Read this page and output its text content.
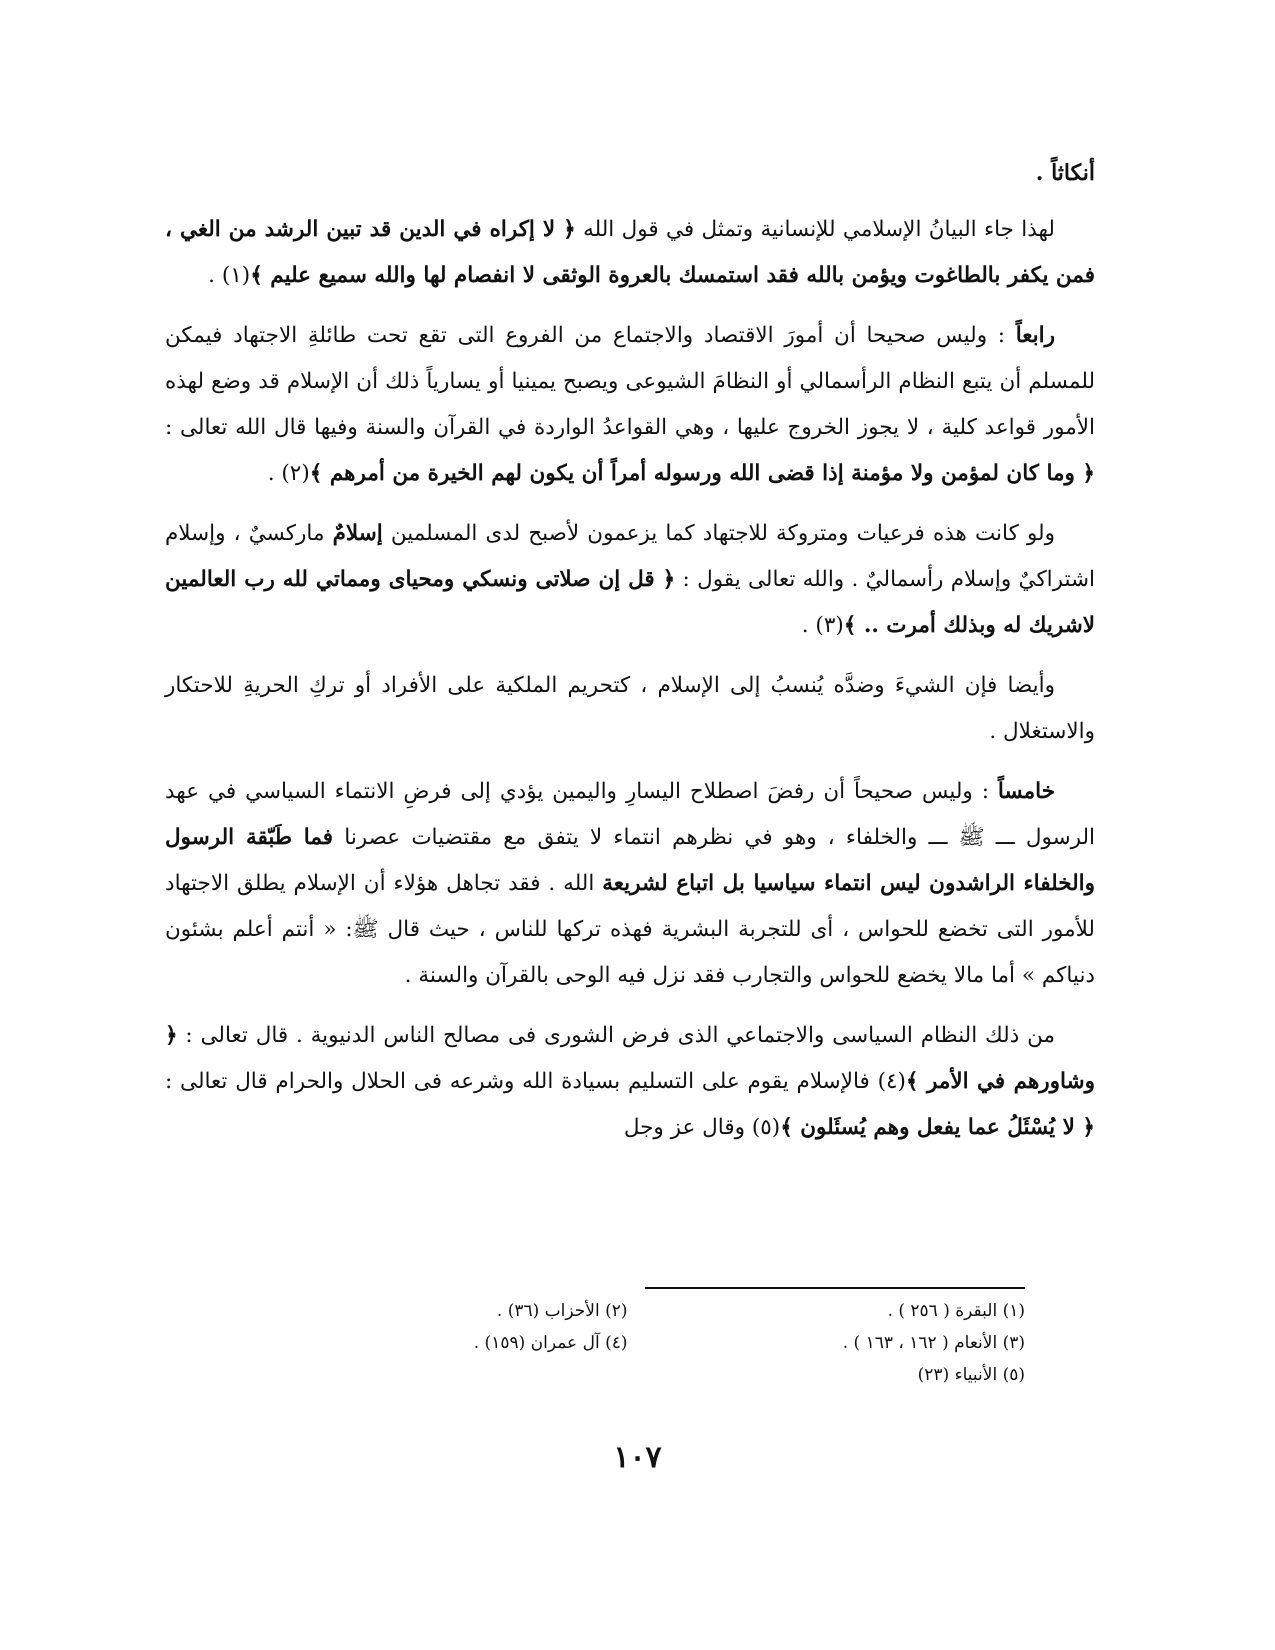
أنكاثاً .

لهذا جاء البيانُ الإسلامي للإنسانية وتمثل في قول الله ﴿ لا إكراه في الدين قد تبين الرشد من الغي ، فمن يكفر بالطاغوت ويؤمن بالله فقد استمسك بالعروة الوثقى لا انفصام لها والله سميع عليم ﴾(١) .

رابعاً : وليس صحيحا أن أمورَ الاقتصاد والاجتماع من الفروع التى تقع تحت طائلةِ الاجتهاد فيمكن للمسلم أن يتبع النظام الرأسمالي أو النظامَ الشيوعى ويصبح يمينيا أو يسارياً ذلك أن الإسلام قد وضع لهذه الأمور قواعد كلية ، لا يجوز الخروج عليها ، وهي القواعدُ الواردة في القرآن والسنة وفيها قال الله تعالى : ﴿ وما كان لمؤمن ولا مؤمنة إذا قضى الله ورسوله أمراً أن يكون لهم الخيرة من أمرهم ﴾(٢) .

ولو كانت هذه فرعيات ومتروكة للاجتهاد كما يزعمون لأصبح لدى المسلمين إسلامٌ ماركسيٌ ، وإسلام اشتراكيٌ وإسلام رأسماليٌ . والله تعالى يقول : ﴿ قل إن صلاتى ونسكي ومحياى ومماتي لله رب العالمين لاشريك له وبذلك أمرت .. ﴾(٣) .

وأيضا فإن الشيءَ وضدَّه يُنسبُ إلى الإسلام ، كتحريم الملكية على الأفراد أو تركِ الحريةِ للاحتكار والاستغلال .

خامساً : وليس صحيحاً أن رفضَ اصطلاح اليسارِ واليمين يؤدي إلى فرضِ الانتماء السياسي في عهد الرسول ـــ ﷺ ـــ والخلفاء ، وهو في نظرهم انتماء لا يتفق مع مقتضيات عصرنا فما طَبّقة الرسول والخلفاء الراشدون ليس انتماء سياسيا بل اتباع لشريعة الله . فقد تجاهل هؤلاء أن الإسلام يطلق الاجتهاد للأمور التى تخضع للحواس ، أى للتجربة البشرية فهذه تركها للناس ، حيث قال ﷺ: « أنتم أعلم بشئون دنياكم » أما مالا يخضع للحواس والتجارب فقد نزل فيه الوحى بالقرآن والسنة .

من ذلك النظام السياسى والاجتماعي الذى فرض الشورى فى مصالح الناس الدنيوية . قال تعالى : ﴿ وشاورهم في الأمر ﴾(٤) فالإسلام يقوم على التسليم بسيادة الله وشرعه فى الحلال والحرام قال تعالى : ﴿ لا يُسْئَلُ عما يفعل وهم يُسئَلون ﴾(٥) وقال عز وجل

(١) البقرة ( ٢٥٦ ) .
(٢) الأحزاب (٣٦) .
(٣) الأنعام ( ١٦٢ ، ١٦٣ ) .
(٤) آل عمران (١٥٩) .
(٥) الأنبياء (٢٣)
١٠٧
